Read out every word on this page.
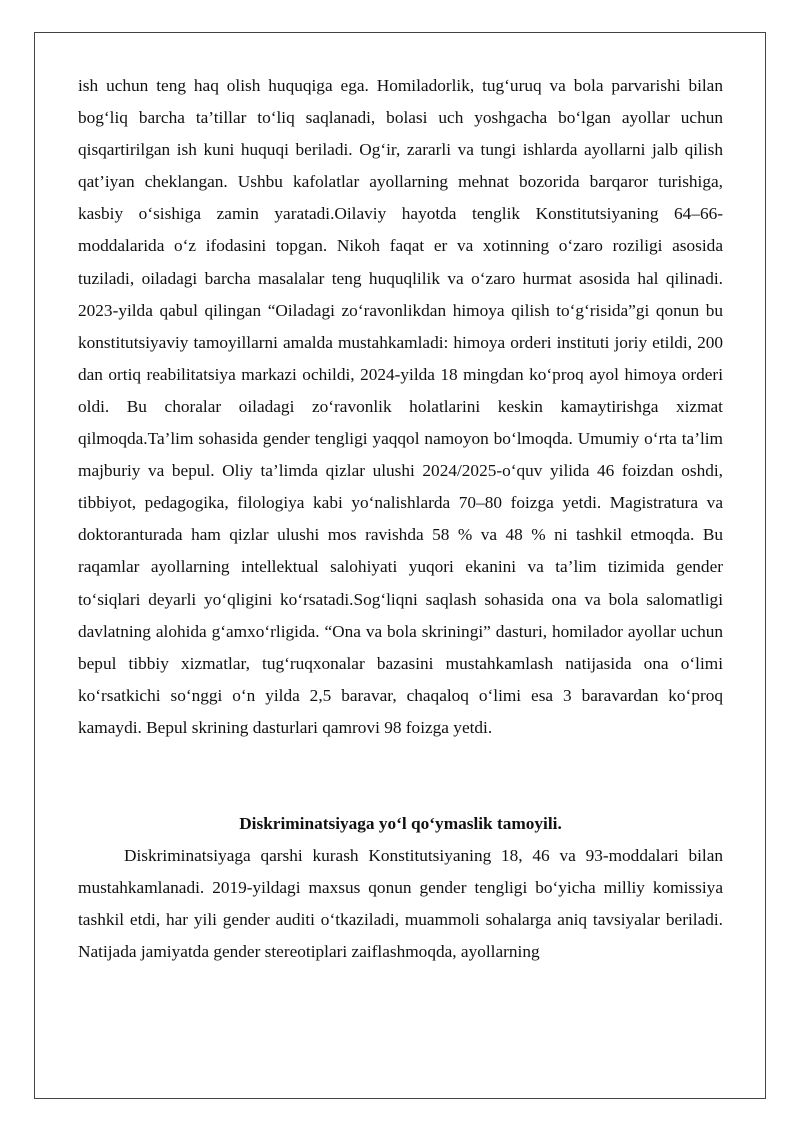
ish uchun teng haq olish huquqiga ega. Homiladorlik, tug‘uruq va bola parvarishi bilan bog‘liq barcha ta’tillar to‘liq saqlanadi, bolasi uch yoshgacha bo‘lgan ayollar uchun qisqartirilgan ish kuni huquqi beriladi. Og‘ir, zararli va tungi ishlarda ayollarni jalb qilish qat’iyan cheklangan. Ushbu kafolatlar ayollarning mehnat bozorida barqaror turishiga, kasbiy o‘sishiga zamin yaratadi.Oilaviy hayotda tenglik Konstitutsiyaning 64–66-moddalarida o‘z ifodasini topgan. Nikoh faqat er va xotinning o‘zaro roziligi asosida tuziladi, oiladagi barcha masalalar teng huquqlilik va o‘zaro hurmat asosida hal qilinadi. 2023-yilda qabul qilingan “Oiladagi zo‘ravonlikdan himoya qilish to‘g‘risida”gi qonun bu konstitutsiyaviy tamoyillarni amalda mustahkamladi: himoya orderi instituti joriy etildi, 200 dan ortiq reabilitatsiya markazi ochildi, 2024-yilda 18 mingdan ko‘proq ayol himoya orderi oldi. Bu choralar oiladagi zo‘ravonlik holatlarini keskin kamaytirishga xizmat qilmoqda.Ta’lim sohasida gender tengligi yaqqol namoyon bo‘lmoqda. Umumiy o‘rta ta’lim majburiy va bepul. Oliy ta’limda qizlar ulushi 2024/2025-o‘quv yilida 46 foizdan oshdi, tibbiyot, pedagogika, filologiya kabi yo‘nalishlarda 70–80 foizga yetdi. Magistratura va doktoranturada ham qizlar ulushi mos ravishda 58 % va 48 % ni tashkil etmoqda. Bu raqamlar ayollarning intellektual salohiyati yuqori ekanini va ta’lim tizimida gender to‘siqlari deyarli yo‘qligini ko‘rsatadi.Sog‘liqni saqlash sohasida ona va bola salomatligi davlatning alohida g‘amxo‘rligida. “Ona va bola skriningi” dasturi, homilador ayollar uchun bepul tibbiy xizmatlar, tug‘ruqxonalar bazasini mustahkamlash natijasida ona o‘limi ko‘rsatkichi so‘nggi o‘n yilda 2,5 baravar, chaqaloq o‘limi esa 3 baravardan ko‘proq kamaydi. Bepul skrining dasturlari qamrovi 98 foizga yetdi.

Diskriminatsiyaga yo‘l qo‘ymaslik tamoyili.

Diskriminatsiyaga qarshi kurash Konstitutsiyaning 18, 46 va 93-moddalari bilan mustahkamlanadi. 2019-yildagi maxsus qonun gender tengligi bo‘yicha milliy komissiya tashkil etdi, har yili gender auditi o‘tkaziladi, muammoli sohalarga aniq tavsiyalar beriladi. Natijada jamiyatda gender stereotiplari zaiflashmoqda, ayollarning
